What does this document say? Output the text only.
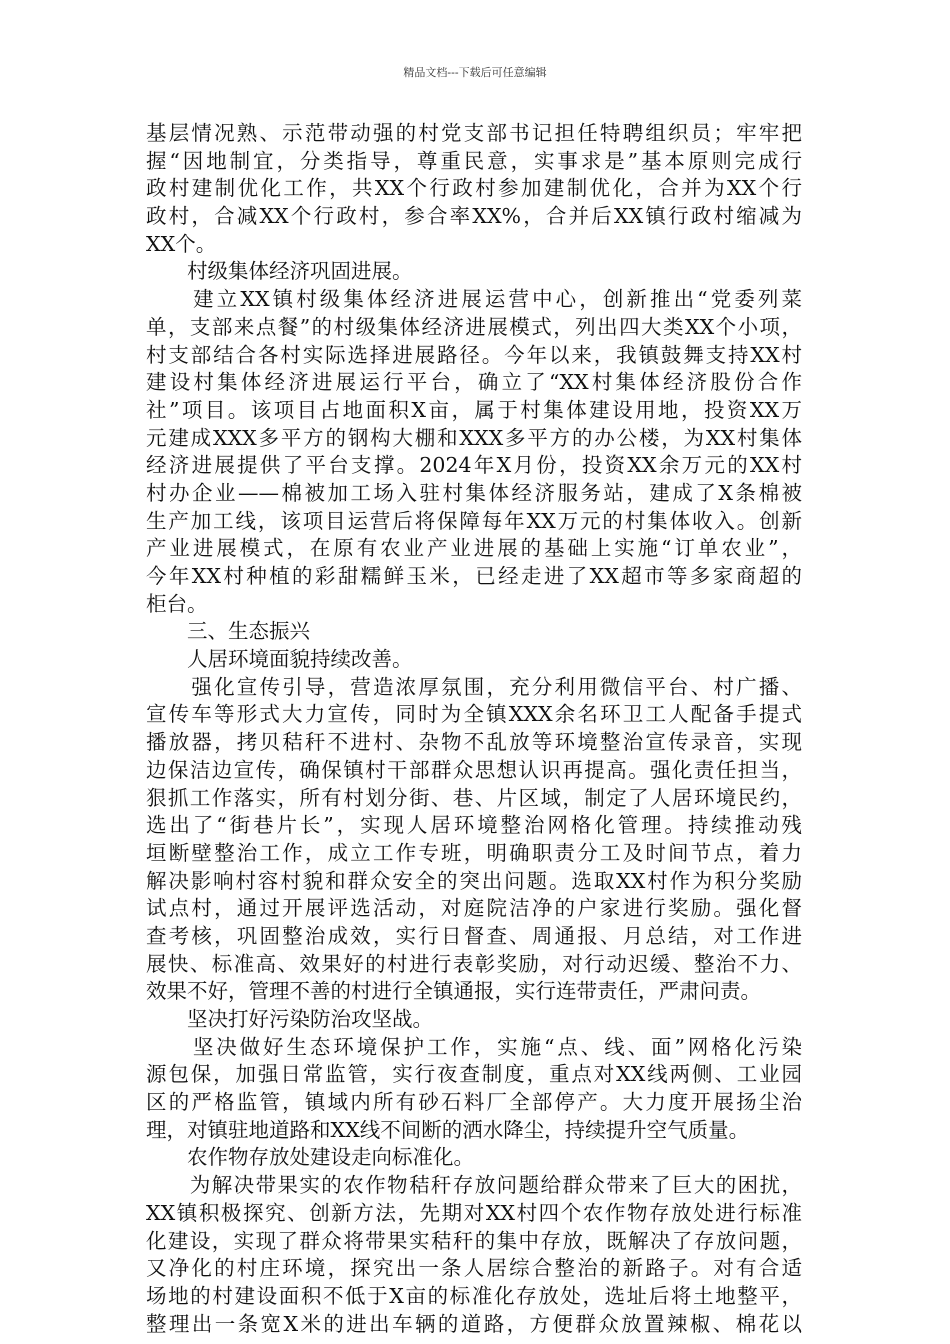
精品文档---下载后可任意编辑
基层情况熟、示范带动强的村党支部书记担任特聘组织员；牢牢把
握“因地制宜，分类指导，尊重民意，实事求是”基本原则完成行
政村建制优化工作，共XX个行政村参加建制优化，合并为XX个行
政村，合减XX个行政村，参合率XX%，合并后XX镇行政村缩减为
XX个。
　　村级集体经济巩固进展。
　　建立XX镇村级集体经济进展运营中心，创新推出“党委列菜
单，支部来点餐”的村级集体经济进展模式，列出四大类XX个小项，
村支部结合各村实际选择进展路径。今年以来，我镇鼓舞支持XX村
建设村集体经济进展运行平台，确立了“XX村集体经济股份合作
社”项目。该项目占地面积X亩，属于村集体建设用地，投资XX万
元建成XXX多平方的钢构大棚和XXX多平方的办公楼，为XX村集体
经济进展提供了平台支撑。2024年X月份，投资XX余万元的XX村
村办企业——棉被加工场入驻村集体经济服务站，建成了X条棉被
生产加工线，该项目运营后将保障每年XX万元的村集体收入。创新
产业进展模式，在原有农业产业进展的基础上实施“订单农业”，
今年XX村种植的彩甜糯鲜玉米，已经走进了XX超市等多家商超的
柜台。
　　三、生态振兴
　　人居环境面貌持续改善。
　　强化宣传引导，营造浓厚氛围，充分利用微信平台、村广播、
宣传车等形式大力宣传，同时为全镇XXX余名环卫工人配备手提式
播放器，拷贝秸秆不进村、杂物不乱放等环境整治宣传录音，实现
边保洁边宣传，确保镇村干部群众思想认识再提高。强化责任担当，
狠抓工作落实，所有村划分街、巷、片区域，制定了人居环境民约，
选出了“街巷片长”，实现人居环境整治网格化管理。持续推动残
垣断壁整治工作，成立工作专班，明确职责分工及时间节点，着力
解决影响村容村貌和群众安全的突出问题。选取XX村作为积分奖励
试点村，通过开展评选活动，对庭院洁净的户家进行奖励。强化督
查考核，巩固整治成效，实行日督查、周通报、月总结，对工作进
展快、标准高、效果好的村进行表彰奖励，对行动迟缓、整治不力、
效果不好，管理不善的村进行全镇通报，实行连带责任，严肃问责。
　　坚决打好污染防治攻坚战。
　　坚决做好生态环境保护工作，实施“点、线、面”网格化污染
源包保，加强日常监管，实行夜查制度，重点对XX线两侧、工业园
区的严格监管，镇域内所有砂石料厂全部停产。大力度开展扬尘治
理，对镇驻地道路和XX线不间断的洒水降尘，持续提升空气质量。
　　农作物存放处建设走向标准化。
　　为解决带果实的农作物秸秆存放问题给群众带来了巨大的困扰，
XX镇积极探究、创新方法，先期对XX村四个农作物存放处进行标准
化建设，实现了群众将带果实秸秆的集中存放，既解决了存放问题，
又净化的村庄环境，探究出一条人居综合整治的新路子。对有合适
场地的村建设面积不低于X亩的标准化存放处，选址后将土地整平，
整理出一条宽X米的进出车辆的道路，方便群众放置辣椒、棉花以
